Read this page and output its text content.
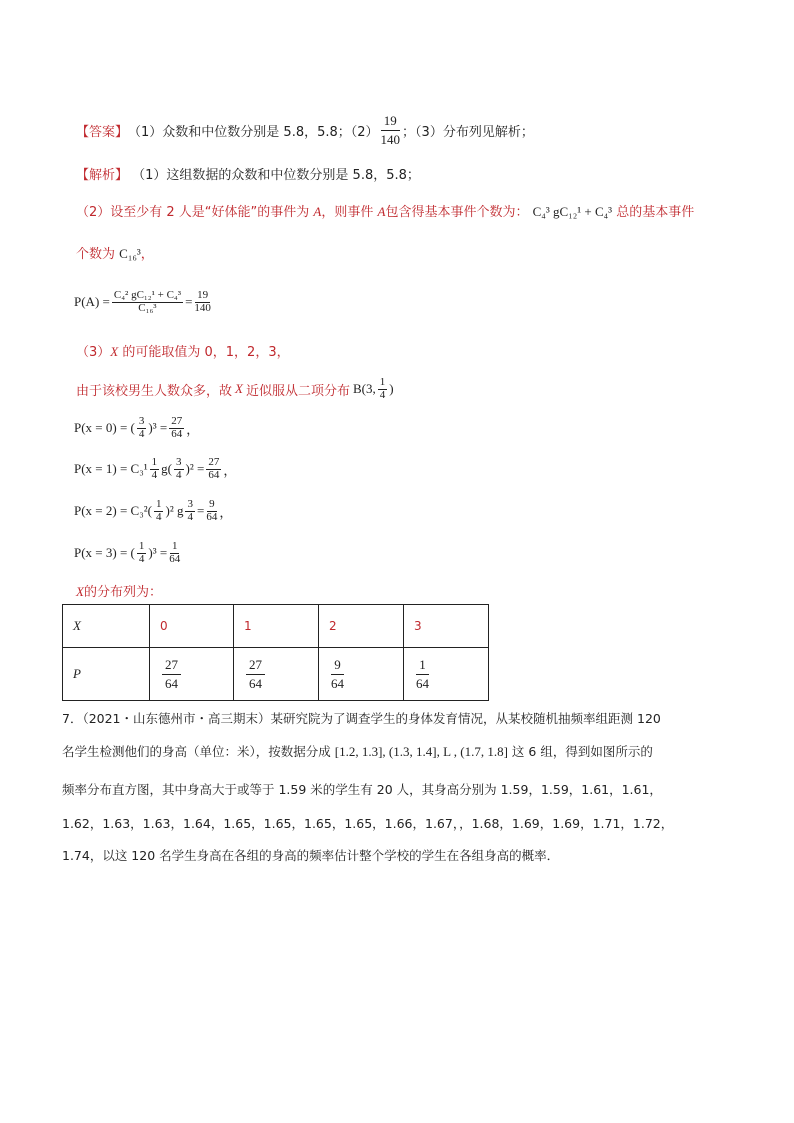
【答案】 （1）众数和中位数分别是 5.8，5.8；$(2) \frac{19}{140}$ ；（3）分布列见解析；
【解析】 （1）这组数据的众数和中位数分别是 5.8，5.8；
（2）设至少有 2 人是“好体能”的事件为 A，则事件 A包含得基本事件个数为： C₄³ gC₁₂¹ + C₄³ 总的基本事件
个数为 C₁₆³，
$P(A) = \frac{\text{C₄² gC₁₂¹ + C₄³}}{\text{C₁₆³}} = \frac{19}{140}$
（3）X 的可能取值为 0，1，2，3，
由于该校男生人数众多，故 X 近似服从二项分布 B(3, $\frac{1}{4}$ )
P(x = 0) = ( $\frac{3}{4} )^3 = \frac{27}{64}$ ，
$P(x = 1) = C_3^1 \frac{1}{4} g( \frac{3}{4} )^2 = \frac{27}{64}$ ，
$P(x = 2) = C_3^2( \frac{1}{4} )^2$ g $\frac{3}{4} = \frac{9}{64}$ ，
P(x = 3) = ( $\frac{1}{4} )^3 = \frac{1}{64}$
X的分布列为：
X	0	1	2	3
P	$\frac{27}{64}$	$\frac{27}{64}$	$\frac{9}{64}$	$\frac{1}{64}$
7．（2021・山东德州市・高三期末）某研究院为了调查学生的身体发育情况，从某校随机抽频率组距测 120
名学生检测他们的身高（单位：米），按数据分成 [1.2, 1.3], (1.3, 1.4], L , (1.7, 1.8] 这 6 组，得到如图所示的
频率分布直方图，其中身高大于或等于 1.59 米的学生有 20 人，其身高分别为 1.59，1.59，1.61，1.61，
1.62，1.63，1.63，1.64，1.65，1.65，1.65，1.65，1.66，1.67，，1.68，1.69，1.69，1.71，1.72，
1.74，以这 120 名学生身高在各组的身高的频率估计整个学校的学生在各组身高的概率．
